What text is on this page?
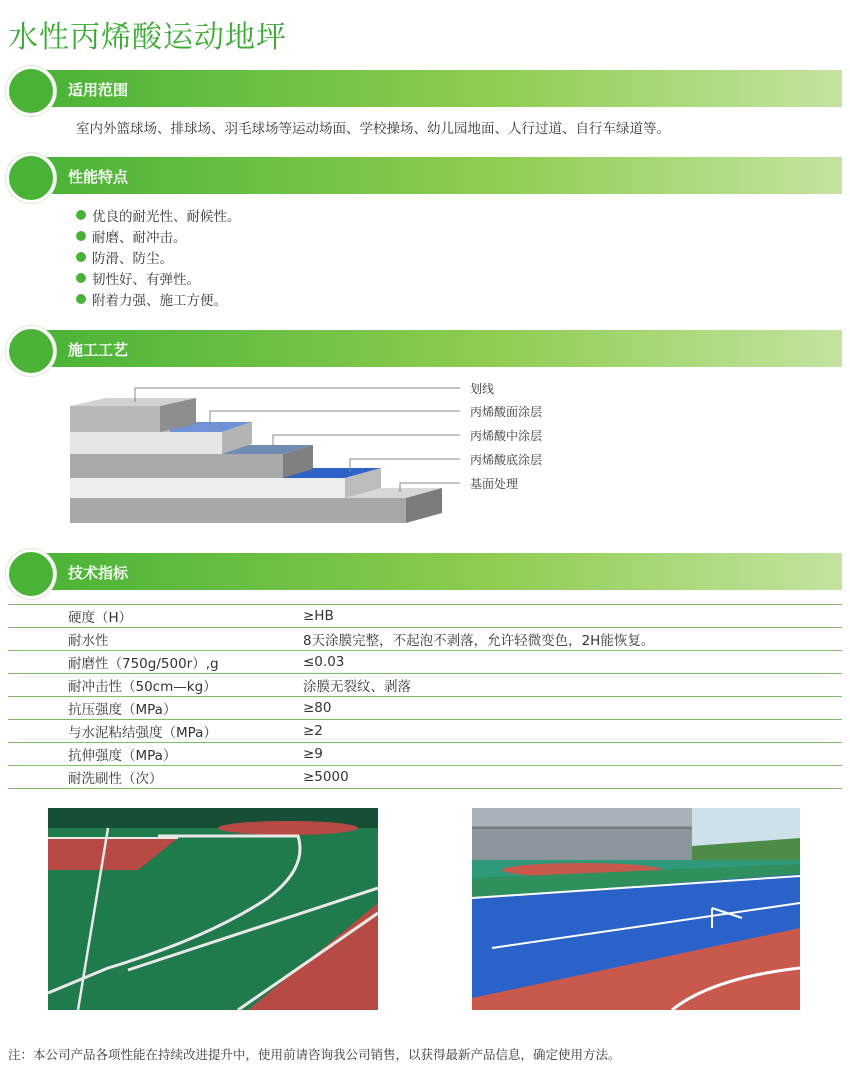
水性丙烯酸运动地坪
适用范围
室内外篮球场、排球场、羽毛球场等运动场面、学校操场、幼儿园地面、人行过道、自行车绿道等。
性能特点
优良的耐光性、耐候性。
耐磨、耐冲击。
防滑、防尘。
韧性好、有弹性。
附着力强、施工方便。
施工工艺
划线
丙烯酸面涂层
丙烯酸中涂层
丙烯酸底涂层
基面处理
技术指标
硬度（H）	≥HB
耐水性	8天涂膜完整，不起泡不剥落，允许轻微变色，2H能恢复。
耐磨性（750g/500r）,g	≤0.03
耐冲击性（50cm—kg）	涂膜无裂纹、剥落
抗压强度（MPa）	≥80
与水泥粘结强度（MPa）	≥2
抗伸强度（MPa）	≥9
耐洗刷性（次）	≥5000
注：本公司产品各项性能在持续改进提升中，使用前请咨询我公司销售，以获得最新产品信息，确定使用方法。
